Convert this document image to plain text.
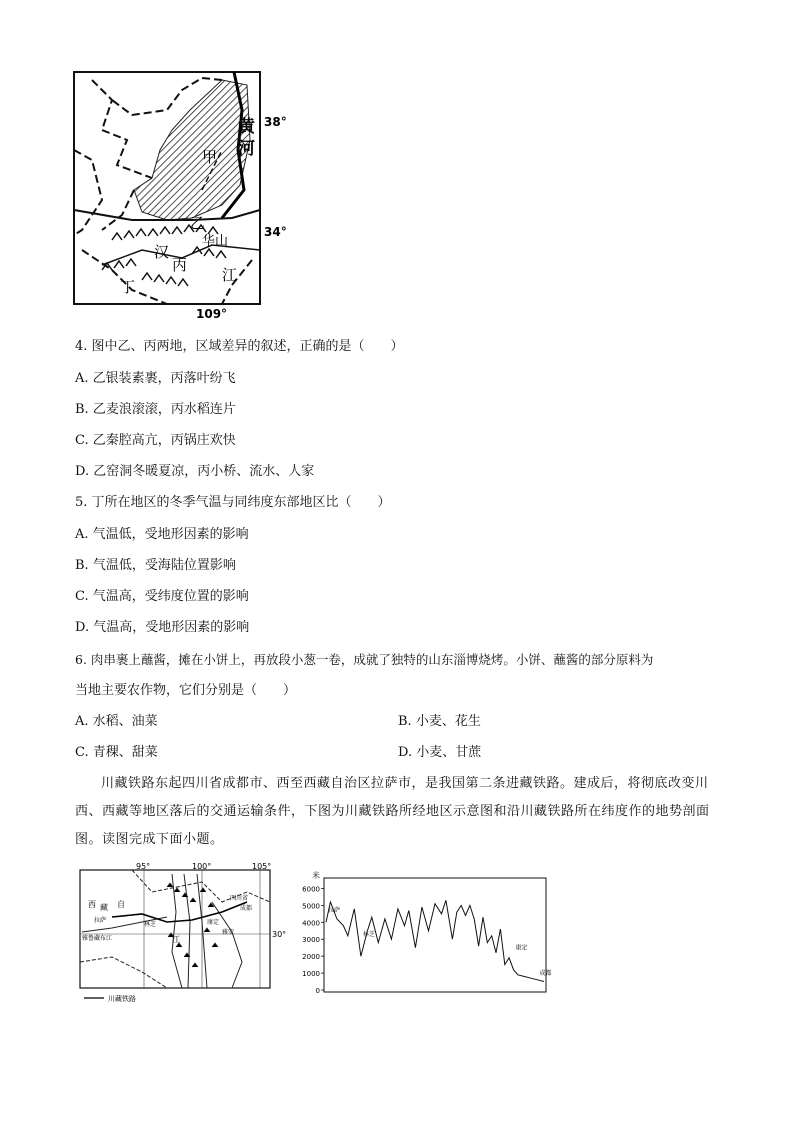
甲
乙
华山
汉
丙
江
丁
黄
河
38°
34°
109°
4. 图中乙、丙两地，区域差异的叙述，正确的是（　　）
A. 乙银装素裹，丙落叶纷飞
B. 乙麦浪滚滚，丙水稻连片
C. 乙秦腔高亢，丙锅庄欢快
D. 乙窑洞冬暖夏凉，丙小桥、流水、人家
5. 丁所在地区的冬季气温与同纬度东部地区比（　　）
A. 气温低，受地形因素的影响
B. 气温低，受海陆位置影响
C. 气温高，受纬度位置的影响
D. 气温高，受地形因素的影响
6. 肉串裹上蘸酱，摊在小饼上，再放段小葱一卷，成就了独特的山东淄博烧烤。小饼、蘸酱的部分原料为
当地主要农作物，它们分别是（　　）
A. 水稻、油菜	B. 小麦、花生
C. 青稞、甜菜	D. 小麦、甘蔗
川藏铁路东起四川省成都市、西至西藏自治区拉萨市，是我国第二条进藏铁路。建成后，将彻底改变川西、西藏等地区落后的交通运输条件，下图为川藏铁路所经地区示意图和沿川藏铁路所在纬度作的地势剖面图。读图完成下面小题。
95°	100°	105°
30°
西 藏 自
拉萨
林芝
雅鲁藏布江	江
四川省
成都
康定
雅安
川藏铁路
米
0
1000
2000
3000
4000
5000
6000
拉萨
林芝
康定
成都
